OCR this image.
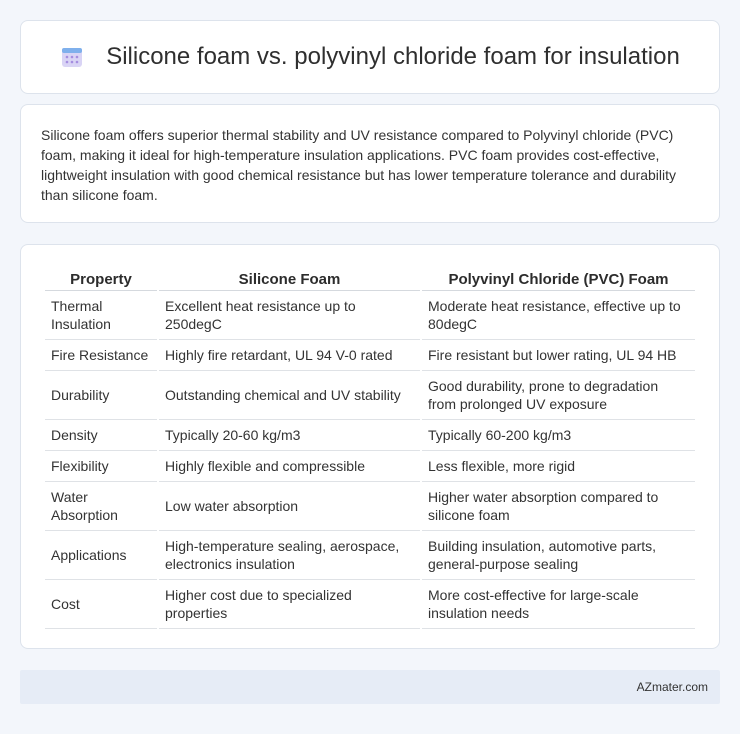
Silicone foam vs. polyvinyl chloride foam for insulation

Silicone foam offers superior thermal stability and UV resistance compared to Polyvinyl chloride (PVC) foam, making it ideal for high-temperature insulation applications. PVC foam provides cost-effective, lightweight insulation with good chemical resistance but has lower temperature tolerance and durability than silicone foam.

Property	Silicone Foam	Polyvinyl Chloride (PVC) Foam
Thermal Insulation	Excellent heat resistance up to 250degC	Moderate heat resistance, effective up to 80degC
Fire Resistance	Highly fire retardant, UL 94 V-0 rated	Fire resistant but lower rating, UL 94 HB
Durability	Outstanding chemical and UV stability	Good durability, prone to degradation from prolonged UV exposure
Density	Typically 20-60 kg/m3	Typically 60-200 kg/m3
Flexibility	Highly flexible and compressible	Less flexible, more rigid
Water Absorption	Low water absorption	Higher water absorption compared to silicone foam
Applications	High-temperature sealing, aerospace, electronics insulation	Building insulation, automotive parts, general-purpose sealing
Cost	Higher cost due to specialized properties	More cost-effective for large-scale insulation needs
AZmater.com
